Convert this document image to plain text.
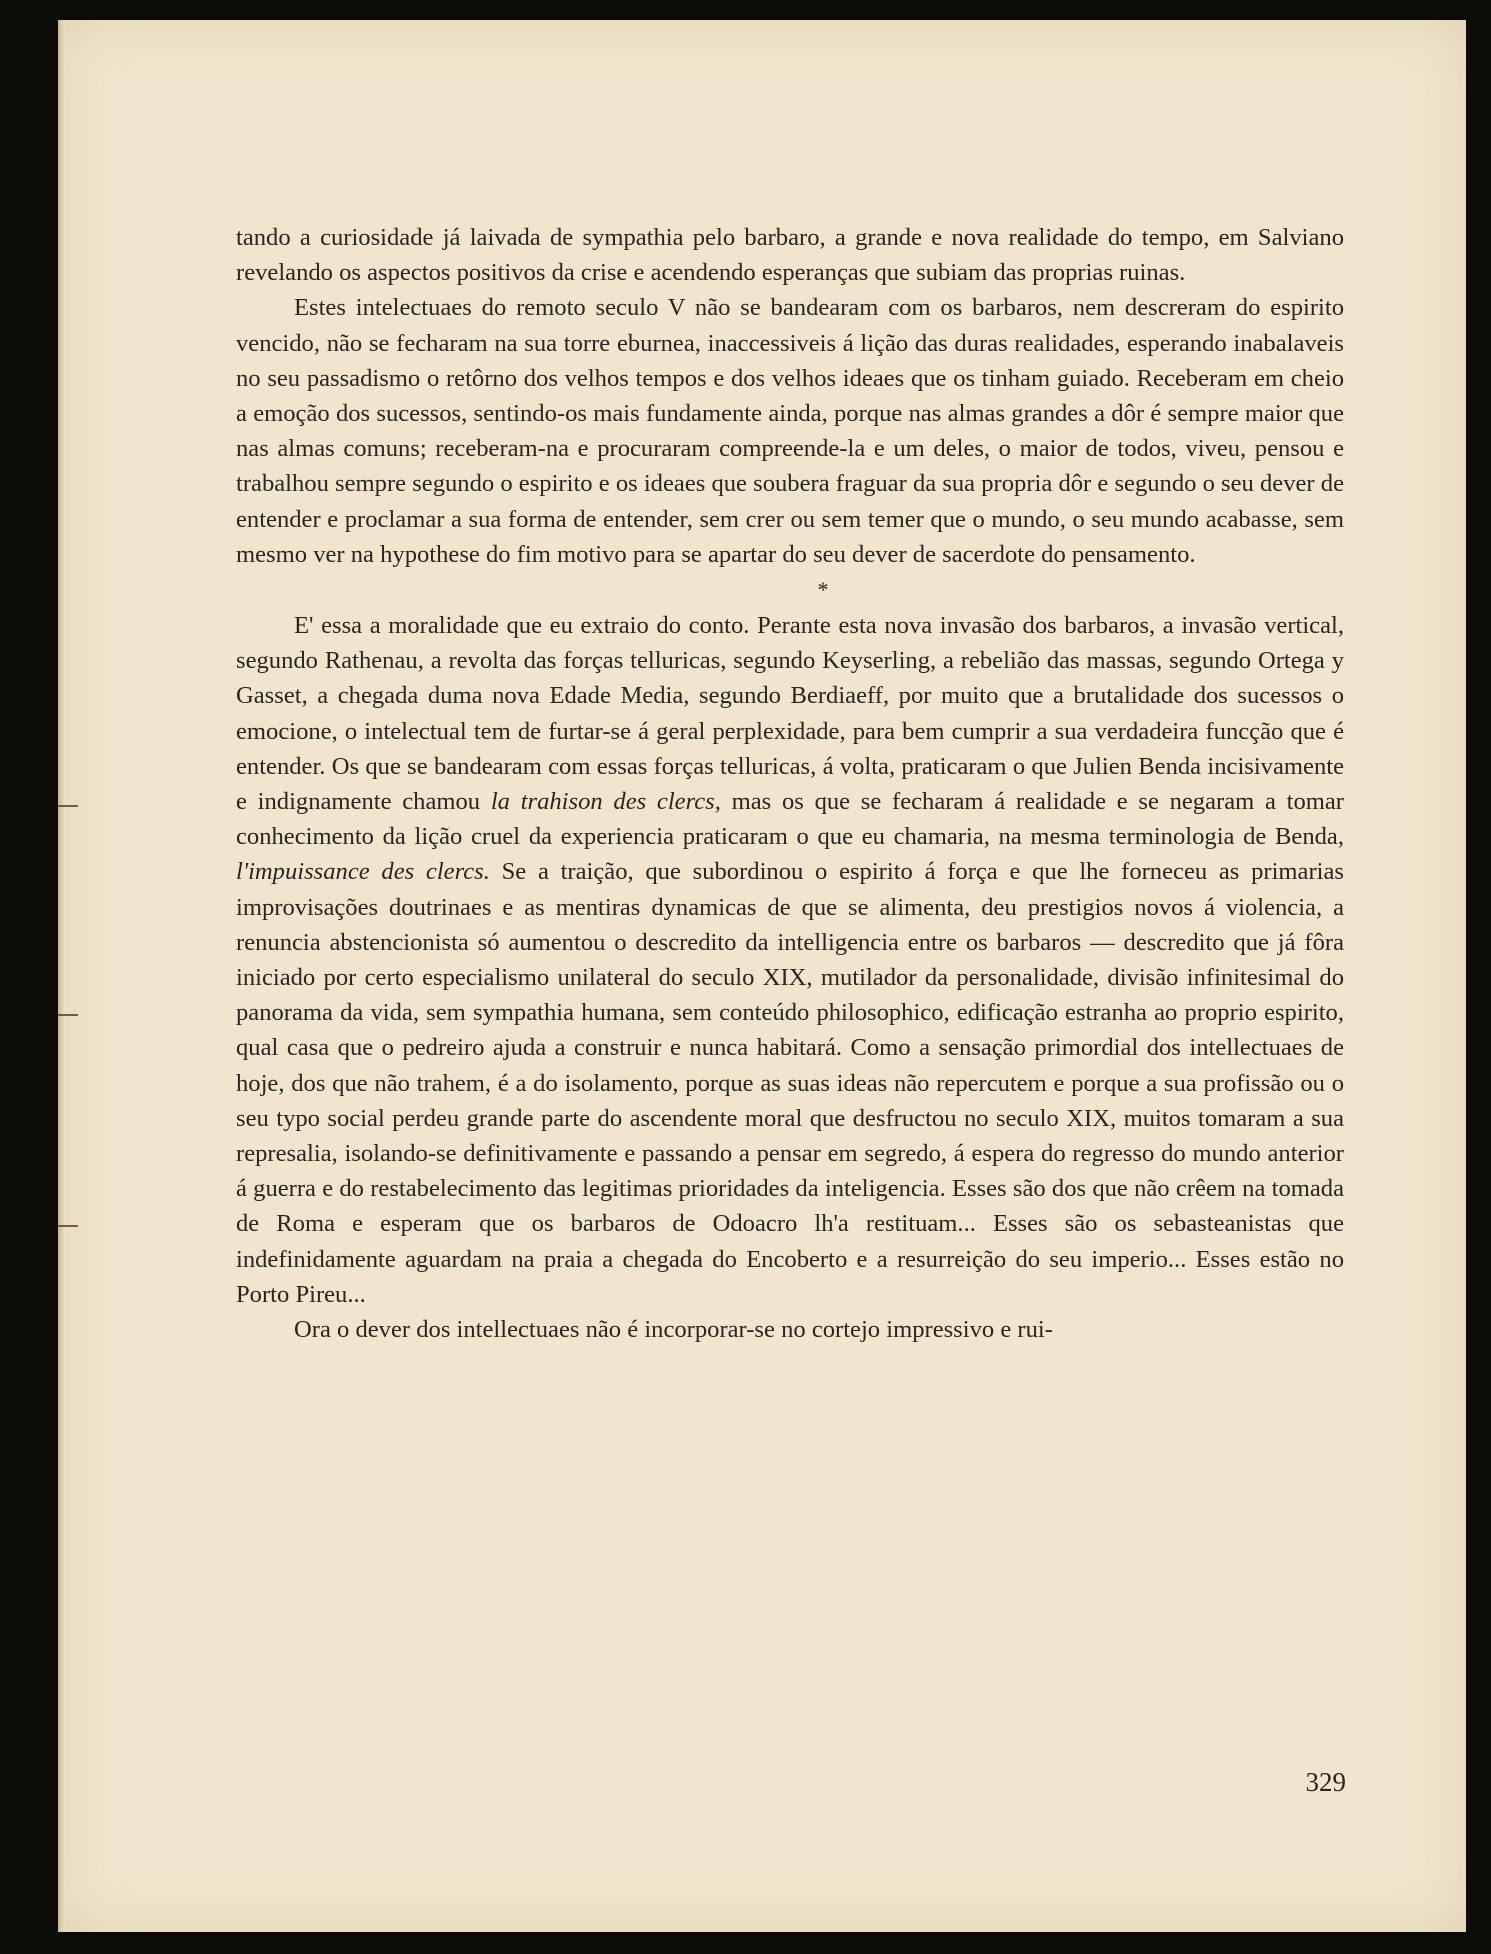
tando a curiosidade já laivada de sympathia pelo barbaro, a grande e nova realidade do tempo, em Salviano revelando os aspectos positivos da crise e acendendo esperanças que subiam das proprias ruinas.

Estes intelectuaes do remoto seculo V não se bandearam com os barbaros, nem descreram do espirito vencido, não se fecharam na sua torre eburnea, inaccessiveis á lição das duras realidades, esperando inabalaveis no seu passadismo o retôrno dos velhos tempos e dos velhos ideaes que os tinham guiado. Receberam em cheio a emoção dos sucessos, sentindo-os mais fundamente ainda, porque nas almas grandes a dôr é sempre maior que nas almas comuns; receberam-na e procuraram compreende-la e um deles, o maior de todos, viveu, pensou e trabalhou sempre segundo o espirito e os ideaes que soubera fraguar da sua propria dôr e segundo o seu dever de entender e proclamar a sua forma de entender, sem crer ou sem temer que o mundo, o seu mundo acabasse, sem mesmo ver na hypothese do fim motivo para se apartar do seu dever de sacerdote do pensamento.

*

E' essa a moralidade que eu extraio do conto. Perante esta nova invasão dos barbaros, a invasão vertical, segundo Rathenau, a revolta das forças telluricas, segundo Keyserling, a rebelião das massas, segundo Ortega y Gasset, a chegada duma nova Edade Media, segundo Berdiaeff, por muito que a brutalidade dos sucessos o emocione, o intelectual tem de furtar-se á geral perplexidade, para bem cumprir a sua verdadeira funcção que é entender. Os que se bandearam com essas forças telluricas, á volta, praticaram o que Julien Benda incisivamente e indignamente chamou la trahison des clercs, mas os que se fecharam á realidade e se negaram a tomar conhecimento da lição cruel da experiencia praticaram o que eu chamaria, na mesma terminologia de Benda, l'impuissance des clercs. Se a traição, que subordinou o espirito á força e que lhe forneceu as primarias improvisações doutrinaes e as mentiras dynamicas de que se alimenta, deu prestigios novos á violencia, a renuncia abstencionista só aumentou o descredito da intelligencia entre os barbaros — descredito que já fôra iniciado por certo especialismo unilateral do seculo XIX, mutilador da personalidade, divisão infinitesimal do panorama da vida, sem sympathia humana, sem conteúdo philosophico, edificação estranha ao proprio espirito, qual casa que o pedreiro ajuda a construir e nunca habitará. Como a sensação primordial dos intellectuaes de hoje, dos que não trahem, é a do isolamento, porque as suas ideas não repercutem e porque a sua profissão ou o seu typo social perdeu grande parte do ascendente moral que desfructou no seculo XIX, muitos tomaram a sua represalia, isolando-se definitivamente e passando a pensar em segredo, á espera do regresso do mundo anterior á guerra e do restabelecimento das legitimas prioridades da inteligencia. Esses são dos que não crêem na tomada de Roma e esperam que os barbaros de Odoacro lh'a restituam... Esses são os sebasteanistas que indefinidamente aguardam na praia a chegada do Encoberto e a resurreição do seu imperio... Esses estão no Porto Pireu...

Ora o dever dos intellectuaes não é incorporar-se no cortejo impressivo e rui-

329
